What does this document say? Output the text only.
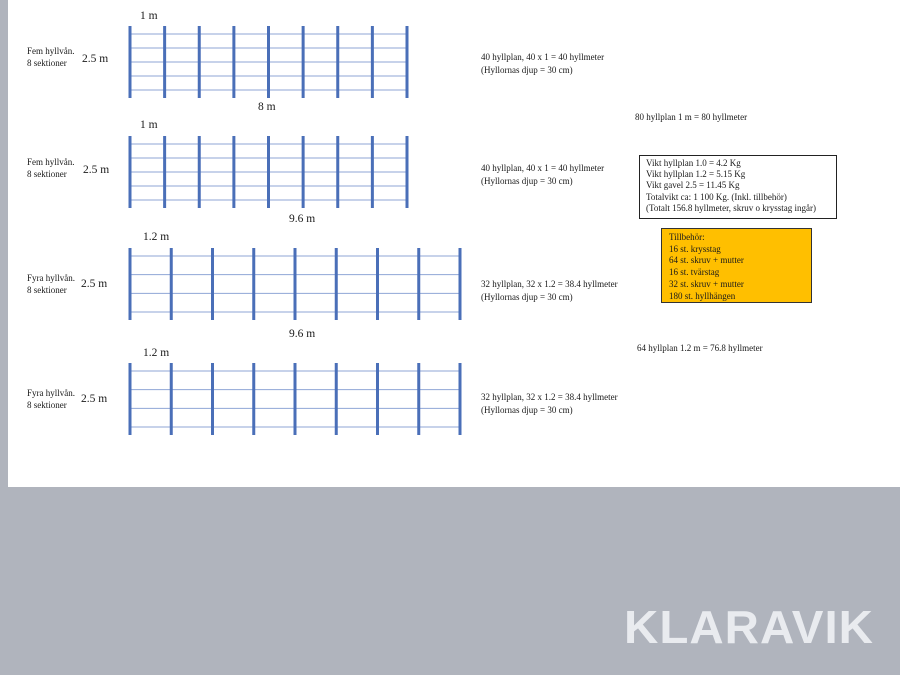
1 m
Fem hyllvån.
8 sektioner 2.5 m
8 m
40 hyllplan, 40 x 1 = 40 hyllmeter
(Hyllornas djup = 30 cm)
1 m
Fem hyllvån.
8 sektioner 2.5 m
9.6 m
40 hyllplan, 40 x 1 = 40 hyllmeter
(Hyllornas djup = 30 cm)
1.2 m
Fyra hyllvån.
8 sektioner 2.5 m
9.6 m
32 hyllplan, 32 x 1.2 = 38.4 hyllmeter
(Hyllornas djup = 30 cm)
1.2 m
Fyra hyllvån.
8 sektioner 2.5 m	32 hyllplan, 32 x 1.2 = 38.4 hyllmeter
(Hyllornas djup = 30 cm)
80 hyllplan 1 m = 80 hyllmeter
64 hyllplan 1.2 m = 76.8 hyllmeter
Vikt hyllplan 1.0 = 4.2 Kg
Vikt hyllplan 1.2 = 5.15 Kg
Vikt gavel 2.5 = 11.45 Kg
Totalvikt ca: 1 100 Kg. (Inkl. tillbehör)
(Totalt 156.8 hyllmeter, skruv o krysstag ingår)
Tillbehör:
16 st. krysstag
64 st. skruv + mutter
16 st. tvärstag
32 st. skruv + mutter
180 st. hyllhängen
KLARAVIK
